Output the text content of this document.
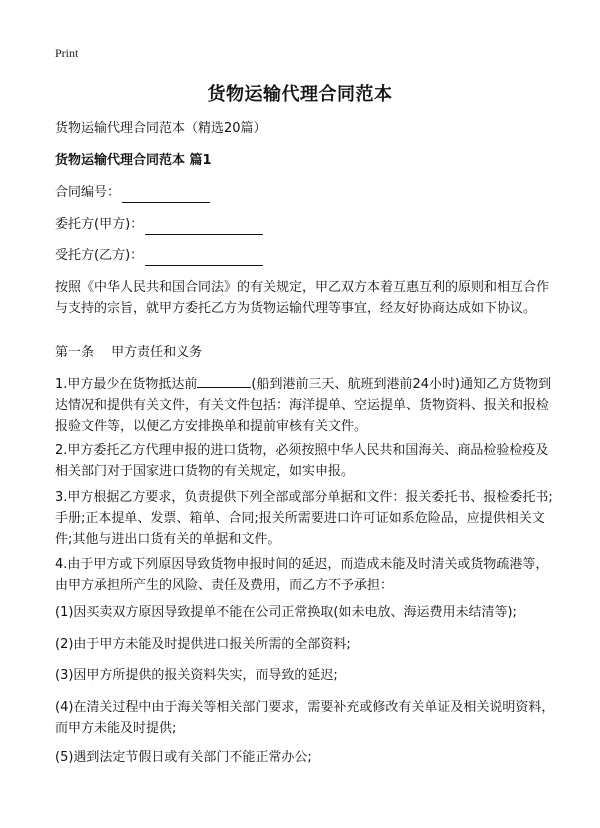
Print
货物运输代理合同范本
货物运输代理合同范本（精选20篇）
货物运输代理合同范本 篇1
合同编号：
委托方(甲方)：
受托方(乙方)：
按照《中华人民共和国合同法》的有关规定，甲乙双方本着互惠互利的原则和相互合作与支持的宗旨，就甲方委托乙方为货物运输代理等事宜，经友好协商达成如下协议。
第一条　 甲方责任和义务
1.甲方最少在货物抵达前	(船到港前三天、航班到港前24小时)通知乙方货物到达情况和提供有关文件，有关文件包括：海洋提单、空运提单、货物资料、报关和报检报验文件等，以便乙方安排换单和提前审核有关文件。
2.甲方委托乙方代理申报的进口货物，必须按照中华人民共和国海关、商品检验检疫及相关部门对于国家进口货物的有关规定，如实申报。
3.甲方根据乙方要求，负责提供下列全部或部分单据和文件：报关委托书、报检委托书;手册;正本提单、发票、箱单、合同;报关所需要进口许可证如系危险品，应提供相关文件;其他与进出口货有关的单据和文件。
4.由于甲方或下列原因导致货物申报时间的延迟，而造成未能及时清关或货物疏港等，由甲方承担所产生的风险、责任及费用，而乙方不予承担：
(1)因买卖双方原因导致提单不能在公司正常换取(如未电放、海运费用未结清等);
(2)由于甲方未能及时提供进口报关所需的全部资料;
(3)因甲方所提供的报关资料失实，而导致的延迟;
(4)在清关过程中由于海关等相关部门要求，需要补充或修改有关单证及相关说明资料，而甲方未能及时提供;
(5)遇到法定节假日或有关部门不能正常办公;
